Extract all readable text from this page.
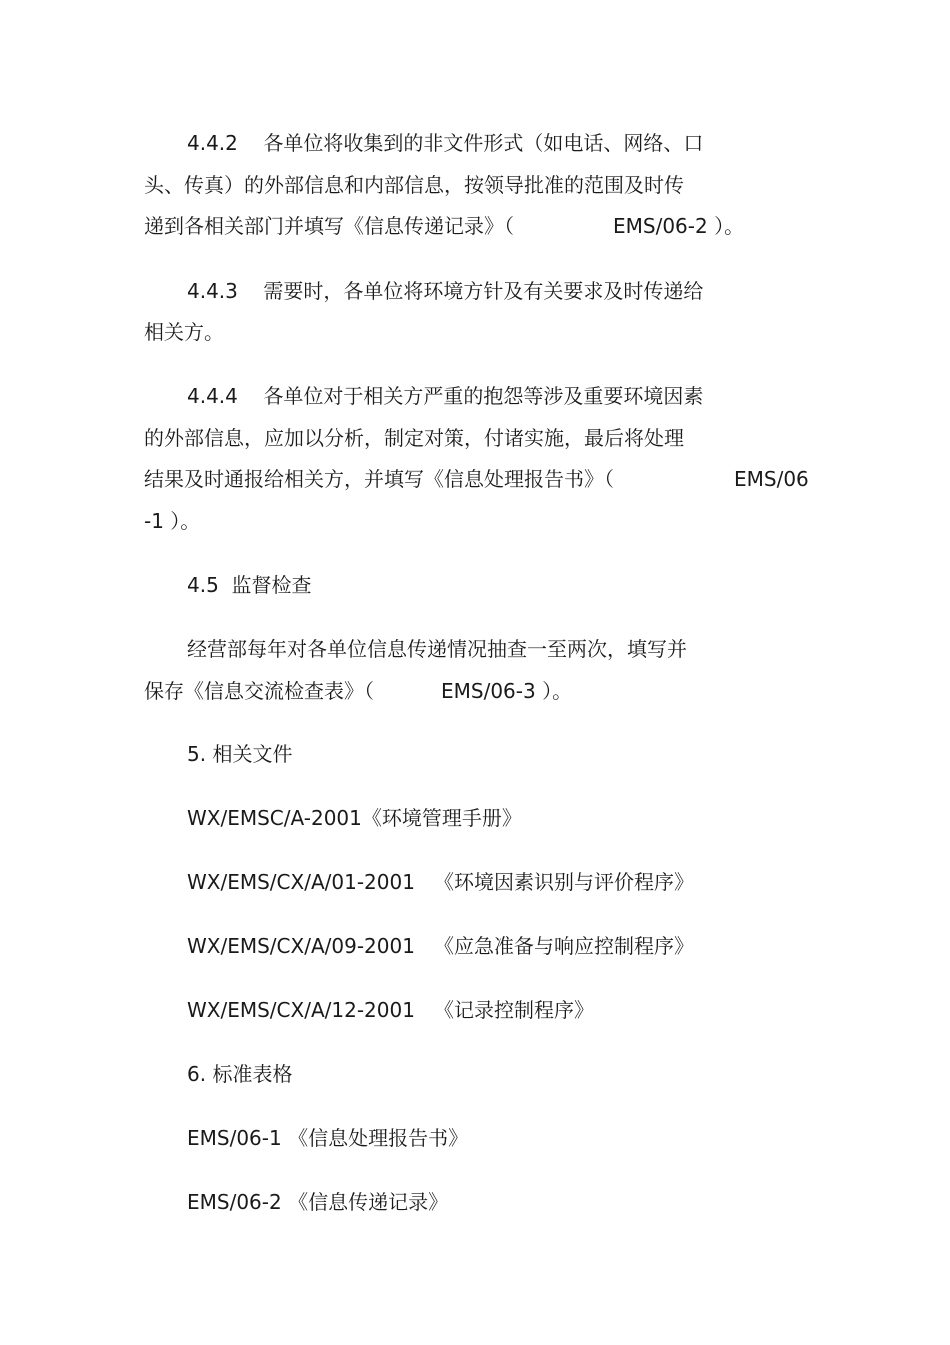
4.4.2    各单位将收集到的非文件形式（如电话、网络、口
头、传真）的外部信息和内部信息，按领导批准的范围及时传
递到各相关部门并填写《信息传递记录》（	EMS/06-2 ）。
4.4.3    需要时，各单位将环境方针及有关要求及时传递给
相关方。
4.4.4    各单位对于相关方严重的抱怨等涉及重要环境因素
的外部信息，应加以分析，制定对策，付诸实施，最后将处理
结果及时通报给相关方，并填写《信息处理报告书》（	EMS/06
-1 ）。
4.5  监督检查
经营部每年对各单位信息传递情况抽查一至两次，填写并
保存《信息交流检查表》（	EMS/06-3 ）。
5. 相关文件
WX/EMSC/A-2001《环境管理手册》
WX/EMS/CX/A/01-2001   《环境因素识别与评价程序》
WX/EMS/CX/A/09-2001   《应急准备与响应控制程序》
WX/EMS/CX/A/12-2001   《记录控制程序》
6. 标准表格
EMS/06-1 《信息处理报告书》
EMS/06-2 《信息传递记录》
